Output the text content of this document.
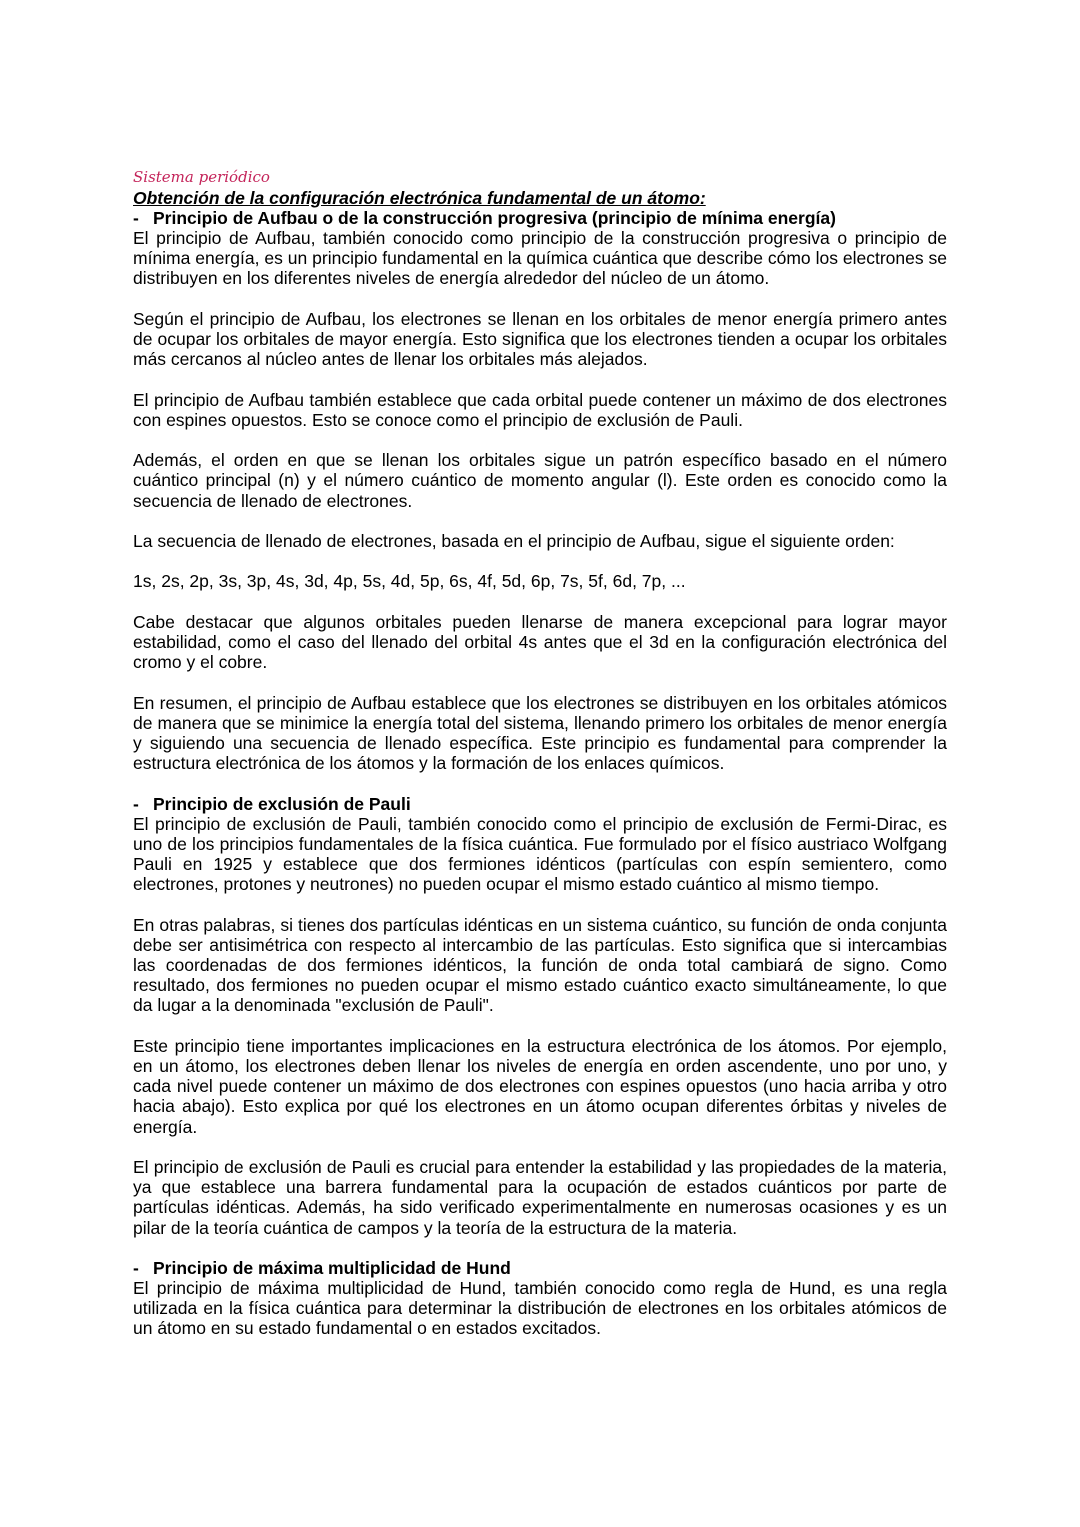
Sistema periódico
Obtención de la configuración electrónica fundamental de un átomo:
- Principio de Aufbau o de la construcción progresiva (principio de mínima energía)

El principio de Aufbau, también conocido como principio de la construcción progresiva o principio de mínima energía, es un principio fundamental en la química cuántica que describe cómo los electrones se distribuyen en los diferentes niveles de energía alrededor del núcleo de un átomo.

Según el principio de Aufbau, los electrones se llenan en los orbitales de menor energía primero antes de ocupar los orbitales de mayor energía. Esto significa que los electrones tienden a ocupar los orbitales más cercanos al núcleo antes de llenar los orbitales más alejados.

El principio de Aufbau también establece que cada orbital puede contener un máximo de dos electrones con espines opuestos. Esto se conoce como el principio de exclusión de Pauli.

Además, el orden en que se llenan los orbitales sigue un patrón específico basado en el número cuántico principal (n) y el número cuántico de momento angular (l). Este orden es conocido como la secuencia de llenado de electrones.

La secuencia de llenado de electrones, basada en el principio de Aufbau, sigue el siguiente orden:

1s, 2s, 2p, 3s, 3p, 4s, 3d, 4p, 5s, 4d, 5p, 6s, 4f, 5d, 6p, 7s, 5f, 6d, 7p, ...

Cabe destacar que algunos orbitales pueden llenarse de manera excepcional para lograr mayor estabilidad, como el caso del llenado del orbital 4s antes que el 3d en la configuración electrónica del cromo y el cobre.

En resumen, el principio de Aufbau establece que los electrones se distribuyen en los orbitales atómicos de manera que se minimice la energía total del sistema, llenando primero los orbitales de menor energía y siguiendo una secuencia de llenado específica. Este principio es fundamental para comprender la estructura electrónica de los átomos y la formación de los enlaces químicos.

- Principio de exclusión de Pauli

El principio de exclusión de Pauli, también conocido como el principio de exclusión de Fermi-Dirac, es uno de los principios fundamentales de la física cuántica. Fue formulado por el físico austriaco Wolfgang Pauli en 1925 y establece que dos fermiones idénticos (partículas con espín semientero, como electrones, protones y neutrones) no pueden ocupar el mismo estado cuántico al mismo tiempo.

En otras palabras, si tienes dos partículas idénticas en un sistema cuántico, su función de onda conjunta debe ser antisimétrica con respecto al intercambio de las partículas. Esto significa que si intercambias las coordenadas de dos fermiones idénticos, la función de onda total cambiará de signo. Como resultado, dos fermiones no pueden ocupar el mismo estado cuántico exacto simultáneamente, lo que da lugar a la denominada "exclusión de Pauli".

Este principio tiene importantes implicaciones en la estructura electrónica de los átomos. Por ejemplo, en un átomo, los electrones deben llenar los niveles de energía en orden ascendente, uno por uno, y cada nivel puede contener un máximo de dos electrones con espines opuestos (uno hacia arriba y otro hacia abajo). Esto explica por qué los electrones en un átomo ocupan diferentes órbitas y niveles de energía.

El principio de exclusión de Pauli es crucial para entender la estabilidad y las propiedades de la materia, ya que establece una barrera fundamental para la ocupación de estados cuánticos por parte de partículas idénticas. Además, ha sido verificado experimentalmente en numerosas ocasiones y es un pilar de la teoría cuántica de campos y la teoría de la estructura de la materia.

- Principio de máxima multiplicidad de Hund

El principio de máxima multiplicidad de Hund, también conocido como regla de Hund, es una regla utilizada en la física cuántica para determinar la distribución de electrones en los orbitales atómicos de un átomo en su estado fundamental o en estados excitados.
